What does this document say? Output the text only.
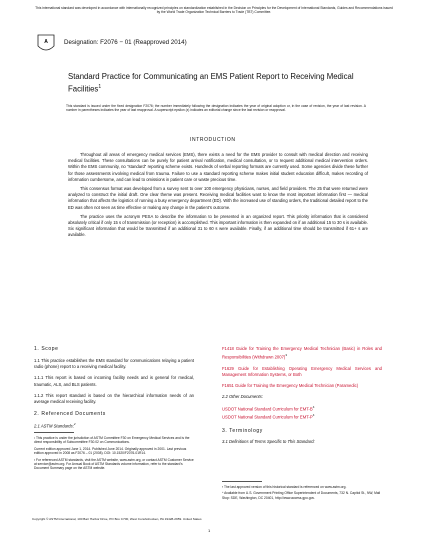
This international standard was developed in accordance with internationally recognized principles on standardization established in the Decision on Principles for the Development of International Standards, Guides and Recommendations issued by the World Trade Organization Technical Barriers to Trade (TBT) Committee.
A	Designation: F2076 − 01 (Reapproved 2014)
Standard Practice for Communicating an EMS Patient Report to Receiving Medical Facilities$^1$
This standard is issued under the fixed designation F2076; the number immediately following the designation indicates the year of original adoption or, in the case of revision, the year of last revision. A number in parentheses indicates the year of last reapproval. A superscript epsilon (ε) indicates an editorial change since the last revision or reapproval.
INTRODUCTION

Throughout all areas of emergency medical services (EMS), there exists a need for the EMS provider to consult with medical direction and receiving medical facilities. These consultations can be purely for patient arrival notification, medical consultation, or to request additional medical intervention orders. Within the EMS community, no “standard” reporting scheme exists. Hundreds of verbal reporting formats are currently used. Some agencies divide these further for those assessments involving medical from trauma. Failure to use a standard reporting scheme makes initial student education difficult, makes recording of information cumbersome, and can lead to omissions in patient care or waste precious time.

This consensus format was developed from a survey sent to over 100 emergency physicians, nurses, and field providers. The 25 that were returned were analyzed to construct the initial draft. One clear theme was present. Receiving medical facilities want to know the most important information first — medical information that affects the logistics of running a busy emergency department (ED). With the increased use of standing orders, the traditional detailed report to the ED was often not seen as time effective or making any change in the patient’s outcome.

The practice uses the acronym PESA to describe the information to be presented in an organized report. This priority information that is considered absolutely critical if only 15 s of transmission (or reception) is accomplished. This important information is then expanded on if an additional 15 to 30 s is available. Six significant information that would be transmitted if an additional 31 to 60 s were available. Finally, if an additional time should be transmitted if 61+ s are available.

1. Scope
1.1 This practice establishes the EMS standard for communications relaying a patient radio (phone) report to a receiving medical facility.
1.1.1 This report is based on incoming facility needs and is general for medical, traumatic, ALS, and BLS patients.
1.1.2 This report standard is based on the hierarchical information needs of an average medical receiving facility.
2. Referenced Documents
2.1 ASTM Standards:$^2$
¹ This practice is under the jurisdiction of ASTM Committee F30 on Emergency Medical Services and is the direct responsibility of Subcommittee F30.02 on Communications.
Current edition approved June 1, 2014. Published June 2014. Originally approved in 2001. Last previous edition approved in 2008 as F2076 – 01 (2008). DOI: 10.1520/F2076-01R14.
² For referenced ASTM standards, visit the ASTM website, www.astm.org, or contact ASTM Customer Service at service@astm.org. For Annual Book of ASTM Standards volume information, refer to the standard’s Document Summary page on the ASTM website.
F1418 Guide for Training the Emergency Medical Technician (Basic) in Roles and Responsibilities (Withdrawn 2007)$^3$
F1629 Guide for Establishing Operating Emergency Medical Services and Management Information Systems, or Both
F1651 Guide for Training the Emergency Medical Technician (Paramedic)
2.2 Other Documents:
USDOT National Standard Curriculum for EMT-$B^4$
USDOT National Standard Curriculum for EMT-$P^4$
3. Terminology
3.1 Definitions of Terms Specific to This Standard:
³ The last approved version of this historical standard is referenced on www.astm.org.
⁴ Available from U.S. Government Printing Office Superintendent of Documents, 732 N. Capitol St., NW, Mail Stop: SDE, Washington, DC 20401, http://www.access.gpo.gov.
Copyright © ASTM International, 100 Barr Harbor Drive, PO Box C700, West Conshohocken, PA 19428-2959. United States
1
